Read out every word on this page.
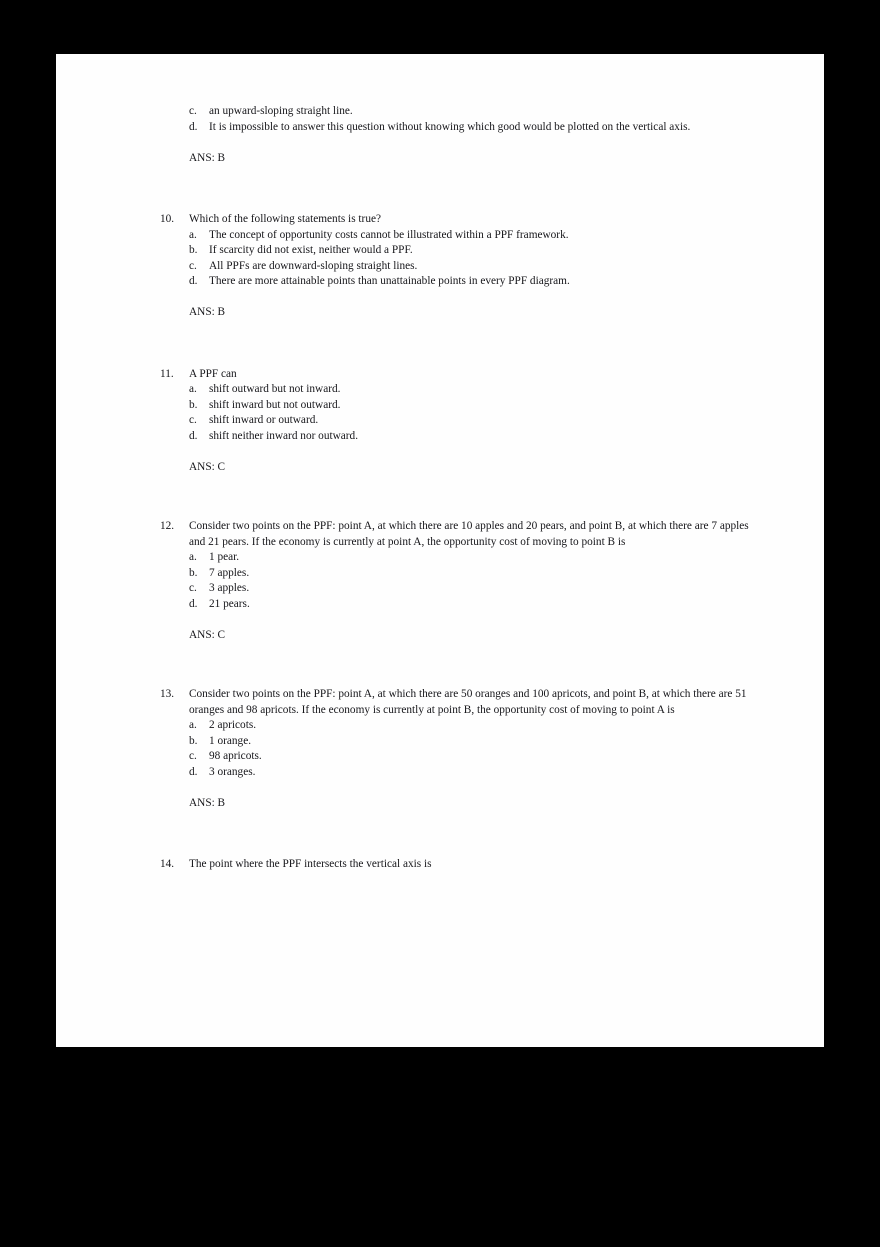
c.	an upward-sloping straight line.
d.	It is impossible to answer this question without knowing which good would be plotted on the vertical axis.
ANS: B
10.	Which of the following statements is true?
a.	The concept of opportunity costs cannot be illustrated within a PPF framework.
b.	If scarcity did not exist, neither would a PPF.
c.	All PPFs are downward-sloping straight lines.
d.	There are more attainable points than unattainable points in every PPF diagram.
ANS: B
11.	A PPF can
a.	shift outward but not inward.
b.	shift inward but not outward.
c.	shift inward or outward.
d.	shift neither inward nor outward.
ANS: C
12.	Consider two points on the PPF: point A, at which there are 10 apples and 20 pears, and point B, at which there are 7 apples and 21 pears. If the economy is currently at point A, the opportunity cost of moving to point B is
a.	1 pear.
b.	7 apples.
c.	3 apples.
d.	21 pears.
ANS: C
13.	Consider two points on the PPF: point A, at which there are 50 oranges and 100 apricots, and point B, at which there are 51 oranges and 98 apricots. If the economy is currently at point B, the opportunity cost of moving to point A is
a.	2 apricots.
b.	1 orange.
c.	98 apricots.
d.	3 oranges.
ANS: B
14.	The point where the PPF intersects the vertical axis is
